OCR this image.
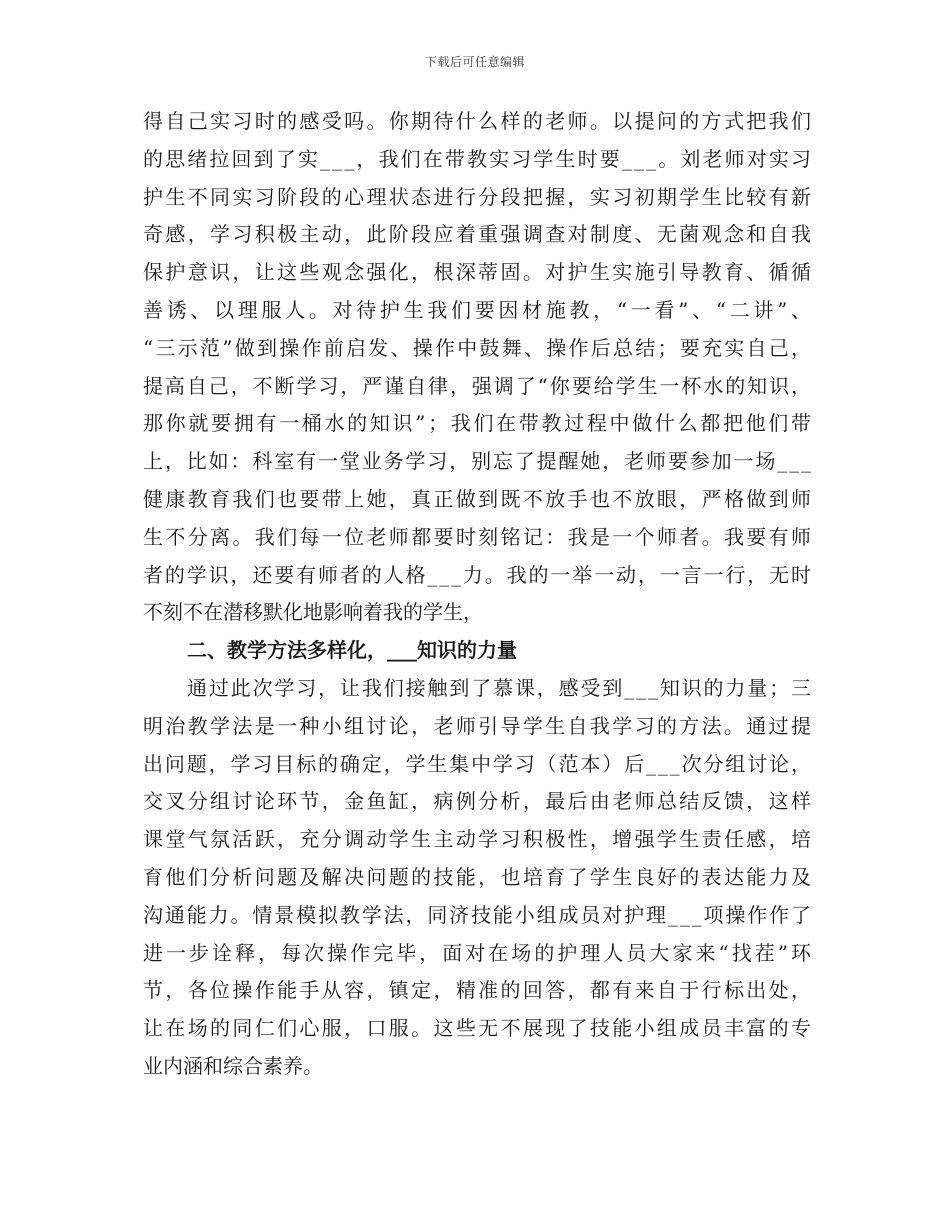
下载后可任意编辑
得自己实习时的感受吗。你期待什么样的老师。以提问的方式把我们
的思绪拉回到了实___，我们在带教实习学生时要___。刘老师对实习
护生不同实习阶段的心理状态进行分段把握，实习初期学生比较有新
奇感，学习积极主动，此阶段应着重强调查对制度、无菌观念和自我
保护意识，让这些观念强化，根深蒂固。对护生实施引导教育、循循
善诱、以理服人。对待护生我们要因材施教，“一看”、“二讲”、
“三示范”做到操作前启发、操作中鼓舞、操作后总结；要充实自己，
提高自己，不断学习，严谨自律，强调了“你要给学生一杯水的知识，
那你就要拥有一桶水的知识”；我们在带教过程中做什么都把他们带
上，比如：科室有一堂业务学习，别忘了提醒她，老师要参加一场___
健康教育我们也要带上她，真正做到既不放手也不放眼，严格做到师
生不分离。我们每一位老师都要时刻铭记：我是一个师者。我要有师
者的学识，还要有师者的人格___力。我的一举一动，一言一行，无时
不刻不在潜移默化地影响着我的学生，
二、教学方法多样化，___知识的力量
通过此次学习，让我们接触到了慕课，感受到___知识的力量；三
明治教学法是一种小组讨论，老师引导学生自我学习的方法。通过提
出问题，学习目标的确定，学生集中学习（范本）后___次分组讨论，
交叉分组讨论环节，金鱼缸，病例分析，最后由老师总结反馈，这样
课堂气氛活跃，充分调动学生主动学习积极性，增强学生责任感，培
育他们分析问题及解决问题的技能，也培育了学生良好的表达能力及
沟通能力。情景模拟教学法，同济技能小组成员对护理___项操作作了
进一步诠释，每次操作完毕，面对在场的护理人员大家来“找茬”环
节，各位操作能手从容，镇定，精准的回答，都有来自于行标出处，
让在场的同仁们心服，口服。这些无不展现了技能小组成员丰富的专
业内涵和综合素养。
